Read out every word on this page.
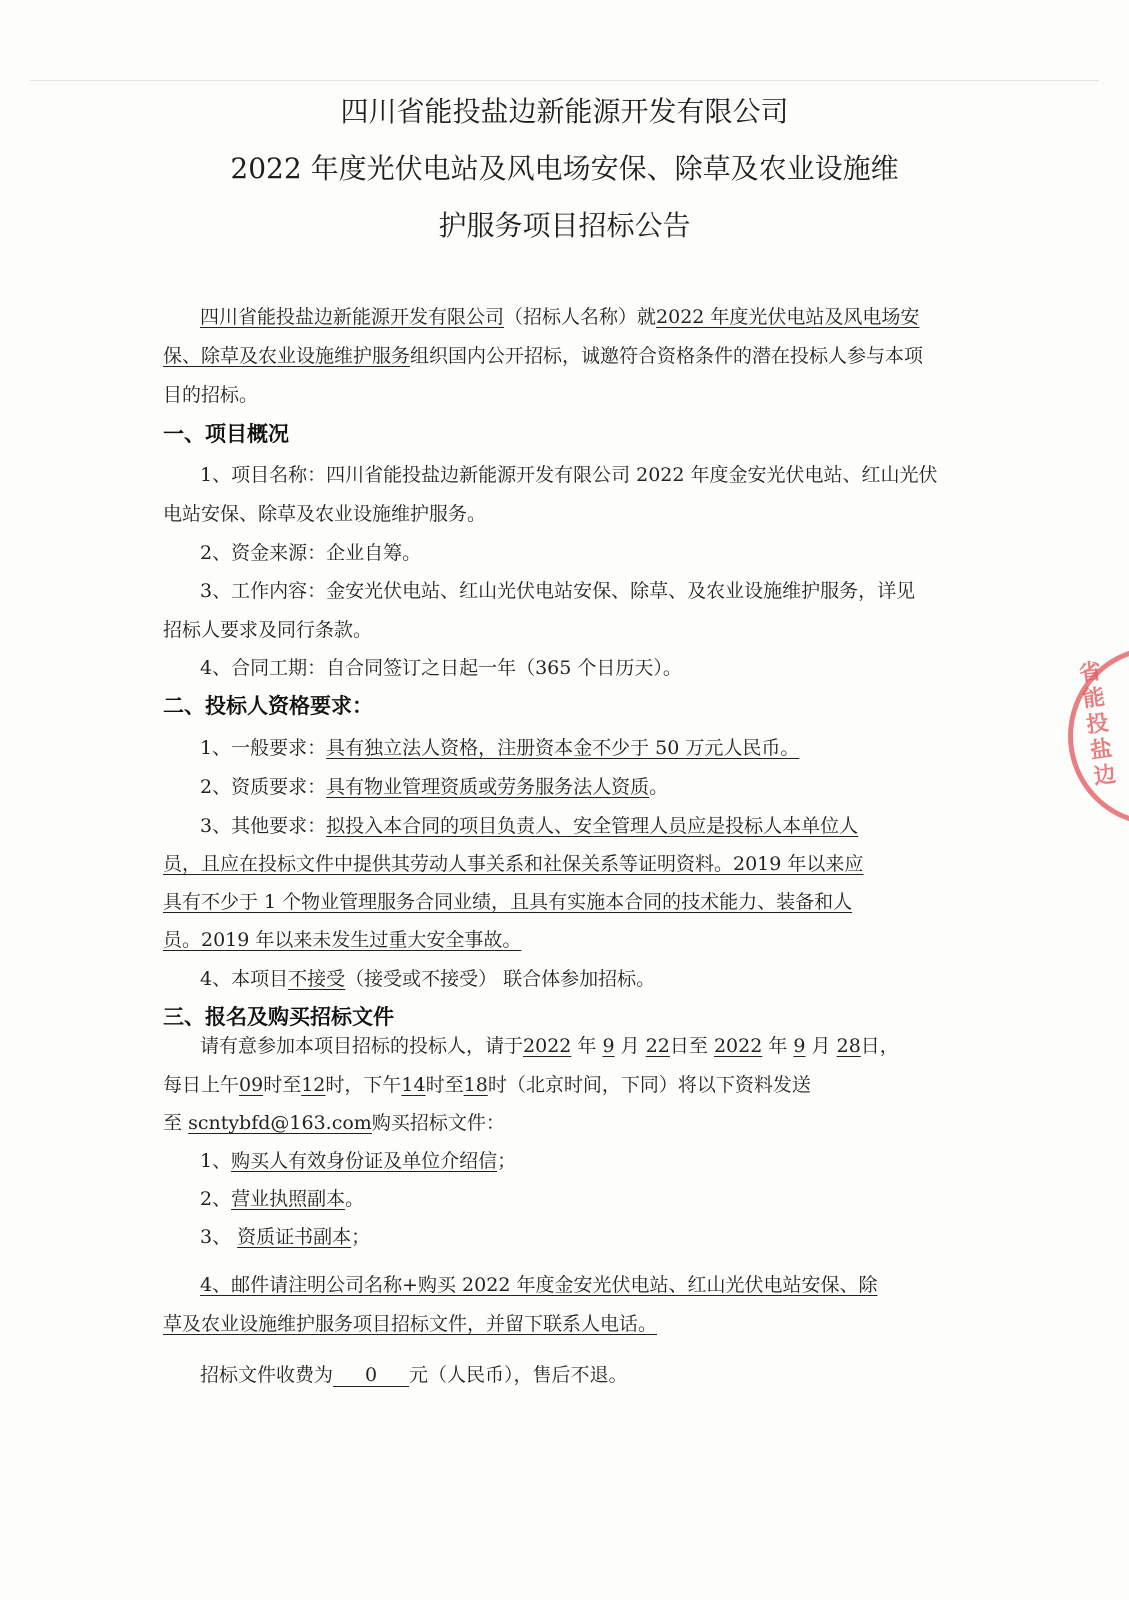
四川省能投盐边新能源开发有限公司
2022 年度光伏电站及风电场安保、除草及农业设施维
护服务项目招标公告
四川省能投盐边新能源开发有限公司（招标人名称）就2022 年度光伏电站及风电场安
保、除草及农业设施维护服务组织国内公开招标，诚邀符合资格条件的潜在投标人参与本项
目的招标。
一、项目概况
1、项目名称：四川省能投盐边新能源开发有限公司 2022 年度金安光伏电站、红山光伏
电站安保、除草及农业设施维护服务。
2、资金来源：企业自筹。
3、工作内容：金安光伏电站、红山光伏电站安保、除草、及农业设施维护服务，详见
招标人要求及同行条款。
4、合同工期：自合同签订之日起一年（365 个日历天）。
二、投标人资格要求：
1、一般要求：具有独立法人资格，注册资本金不少于 50 万元人民币。
2、资质要求：具有物业管理资质或劳务服务法人资质。
3、其他要求：拟投入本合同的项目负责人、安全管理人员应是投标人本单位人
员，且应在投标文件中提供其劳动人事关系和社保关系等证明资料。2019 年以来应
具有不少于 1 个物业管理服务合同业绩，且具有实施本合同的技术能力、装备和人
员。2019 年以来未发生过重大安全事故。
4、本项目不接受（接受或不接受） 联合体参加招标。
三、报名及购买招标文件
请有意参加本项目招标的投标人，请于2022 年 9 月 22日至 2022 年 9 月 28日，
每日上午09时至12时，下午14时至18时（北京时间，下同）将以下资料发送
至 scntybfd@163.com购买招标文件：
1、购买人有效身份证及单位介绍信；
2、营业执照副本。
3、 资质证书副本；
4、邮件请注明公司名称+购买 2022 年度金安光伏电站、红山光伏电站安保、除
草及农业设施维护服务项目招标文件，并留下联系人电话。
招标文件收费为 0 元（人民币），售后不退。
省能投盐边
